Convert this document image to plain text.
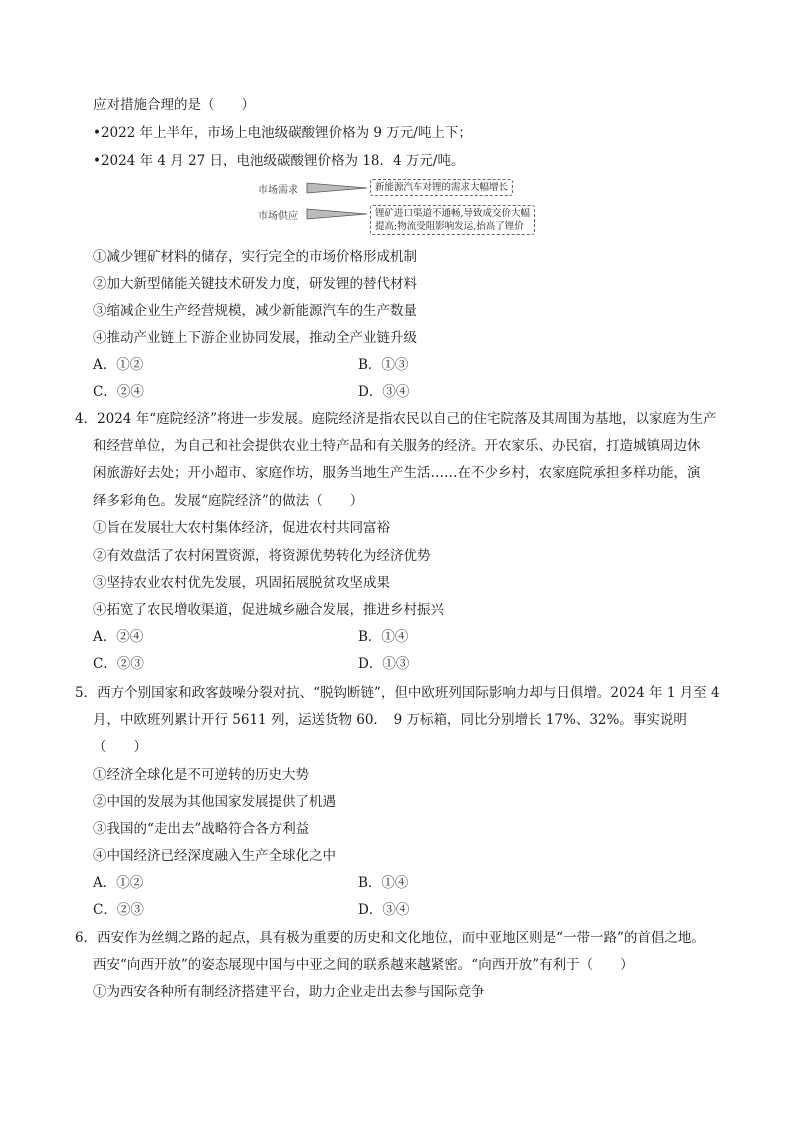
应对措施合理的是（　　）
•2022 年上半年，市场上电池级碳酸锂价格为 9 万元/吨上下；
•2024 年 4 月 27 日，电池级碳酸锂价格为 18．4 万元/吨。
市场需求	新能源汽车对锂的需求大幅增长
市场供应	锂矿进口渠道不通畅,导致成交价大幅
提高;物流受阻影响发运,抬高了锂价
①减少锂矿材料的储存，实行完全的市场价格形成机制
②加大新型储能关键技术研发力度，研发锂的替代材料
③缩减企业生产经营规模，减少新能源汽车的生产数量
④推动产业链上下游企业协同发展，推动全产业链升级
A．①②	B．①③
C．②④	D．③④
4．2024 年“庭院经济”将进一步发展。庭院经济是指农民以自己的住宅院落及其周围为基地，以家庭为生产
和经营单位，为自己和社会提供农业土特产品和有关服务的经济。开农家乐、办民宿，打造城镇周边休
闲旅游好去处；开小超市、家庭作坊，服务当地生产生活……在不少乡村，农家庭院承担多样功能，演
绎多彩角色。发展“庭院经济”的做法（　　）
①旨在发展壮大农村集体经济，促进农村共同富裕
②有效盘活了农村闲置资源，将资源优势转化为经济优势
③坚持农业农村优先发展，巩固拓展脱贫攻坚成果
④拓宽了农民增收渠道，促进城乡融合发展，推进乡村振兴
A．②④	B．①④
C．②③	D．①③
5．西方个别国家和政客鼓噪分裂对抗、“脱钩断链”，但中欧班列国际影响力却与日俱增。2024 年 1 月至 4
月，中欧班列累计开行 5611 列，运送货物 60．　9 万标箱，同比分别增长 17%、32%。事实说明
（　　）
①经济全球化是不可逆转的历史大势
②中国的发展为其他国家发展提供了机遇
③我国的“走出去”战略符合各方利益
④中国经济已经深度融入生产全球化之中
A．①②	B．①④
C．②③	D．③④
6．西安作为丝绸之路的起点，具有极为重要的历史和文化地位，而中亚地区则是“一带一路”的首倡之地。
西安“向西开放”的姿态展现中国与中亚之间的联系越来越紧密。“向西开放”有利于（　　）
①为西安各种所有制经济搭建平台，助力企业走出去参与国际竞争
